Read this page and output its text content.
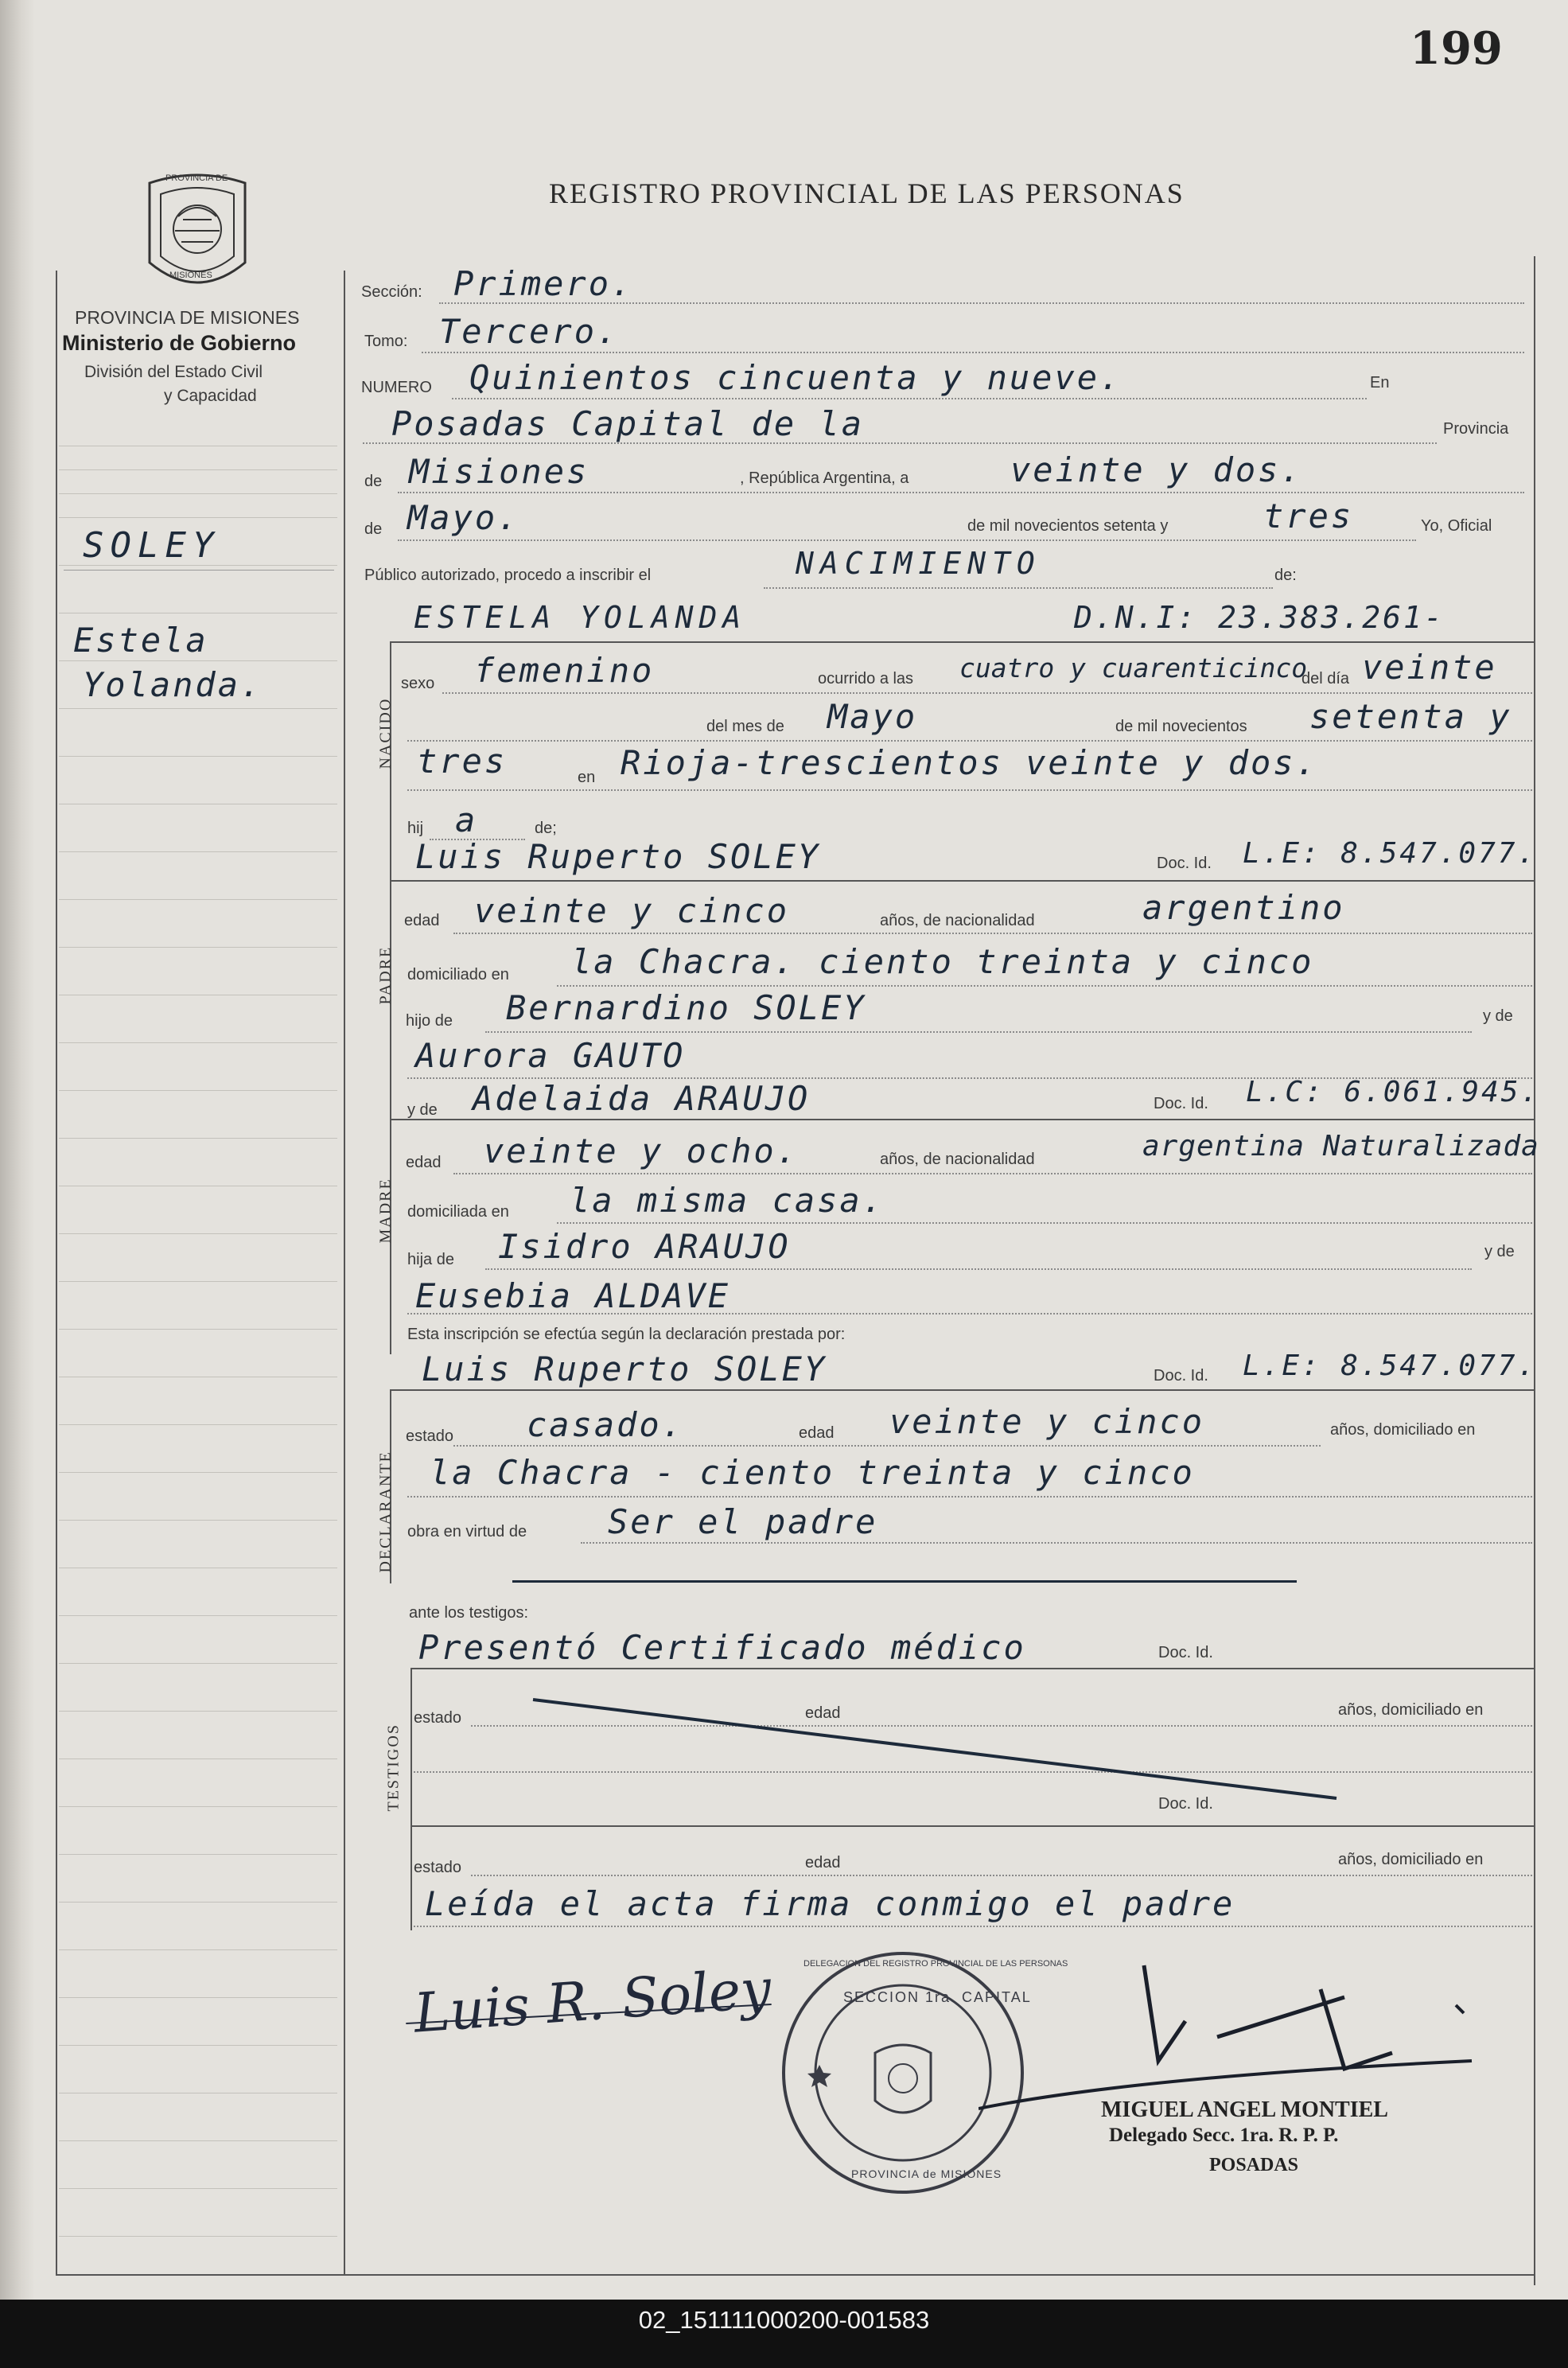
199
REGISTRO PROVINCIAL DE LAS PERSONAS
PROVINCIA DE
MISIONES
PROVINCIA DE MISIONES
Ministerio de Gobierno
División del Estado Civil
y Capacidad
SOLEY
Estela
Yolanda.
Sección: Primero.
Tomo: Tercero.
NUMERO Quinientos cincuenta y nueve.	En
Posadas Capital de la	Provincia
de Misiones	, República Argentina, a	veinte y dos.
de Mayo.	de mil novecientos setenta y	tres	Yo, Oficial
Público autorizado, procedo a inscribir el	NACIMIENTO	de:
ESTELA YOLANDA	D.N.I: 23.383.261-
NACIDO
sexo femenino	ocurrido a las cuatro y cuarenticinco
del día veinte
del mes de Mayo	de mil novecientos setenta y
tres	en Rioja-trescientos veinte y dos.
hij a	de;
Luis Ruperto SOLEY	Doc. Id. L.E: 8.547.077.
PADRE
edad veinte y cinco	años, de nacionalidad	argentino
domiciliado en la Chacra. ciento treinta y cinco
hijo de Bernardino SOLEY	y de
Aurora GAUTO
y de Adelaida ARAUJO	Doc. Id. L.C: 6.061.945.
MADRE
edad veinte y ocho.	años, de nacionalidad	argentina Naturalizada
domiciliada en la misma casa.
hija de Isidro ARAUJO	y de
Eusebia ALDAVE
Esta inscripción se efectúa según la declaración prestada por:
Luis Ruperto SOLEY	Doc. Id. L.E: 8.547.077.
DECLARANTE
estado casado.	edad veinte y cinco	años, domiciliado en
la Chacra - ciento treinta y cinco
obra en virtud de Ser el padre
ante los testigos:
Presentó Certificado médico	Doc. Id.
TESTIGOS
estado	edad	años, domiciliado en
Doc. Id.
estado	edad	años, domiciliado en
Leída el acta firma conmigo el padre
Luis R. Soley	SECCION 1ra. CAPITAL
DELEGACION DEL REGISTRO PROVINCIAL DE LAS PERSONAS
PROVINCIA de MISIONES
MIGUEL ANGEL MONTIEL
Delegado Secc. 1ra. R. P. P.
POSADAS
02_151111000200-001583
